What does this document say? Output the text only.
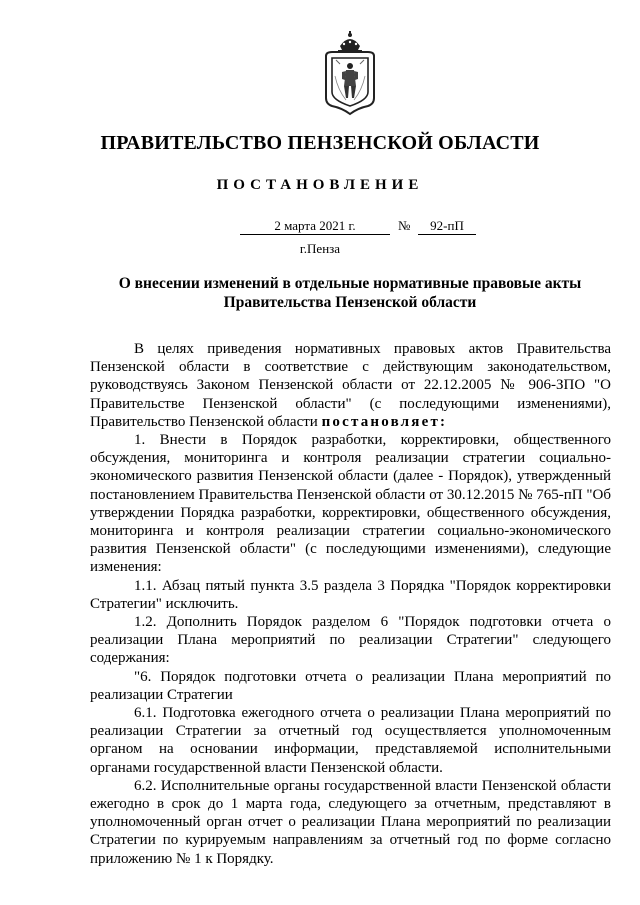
ПРАВИТЕЛЬСТВО ПЕНЗЕНСКОЙ ОБЛАСТИ
ПОСТАНОВЛЕНИЕ
2 марта 2021 г.	№	92-пП
г.Пенза
О внесении изменений в отдельные нормативные правовые акты
Правительства Пензенской области

В целях приведения нормативных правовых актов Правительства Пензенской области в соответствие с действующим законодательством, руководствуясь Законом Пензенской области от 22.12.2005 № 906-ЗПО "О Правительстве Пензенской области" (с последующими изменениями), Правительство Пензенской области постановляет:

1. Внести в Порядок разработки, корректировки, общественного обсуждения, мониторинга и контроля реализации стратегии социально-экономического развития Пензенской области (далее - Порядок), утвержденный постановлением Правительства Пензенской области от 30.12.2015 № 765-пП "Об утверждении Порядка разработки, корректировки, общественного обсуждения, мониторинга и контроля реализации стратегии социально-экономического развития Пензенской области" (с последующими изменениями), следующие изменения:

1.1. Абзац пятый пункта 3.5 раздела 3 Порядка "Порядок корректировки Стратегии" исключить.

1.2. Дополнить Порядок разделом 6 "Порядок подготовки отчета о реализации Плана мероприятий по реализации Стратегии" следующего содержания:

"6. Порядок подготовки отчета о реализации Плана мероприятий по реализации Стратегии

6.1. Подготовка ежегодного отчета о реализации Плана мероприятий по реализации Стратегии за отчетный год осуществляется уполномоченным органом на основании информации, представляемой исполнительными органами государственной власти Пензенской области.

6.2. Исполнительные органы государственной власти Пензенской области ежегодно в срок до 1 марта года, следующего за отчетным, представляют в уполномоченный орган отчет о реализации Плана мероприятий по реализации Стратегии по курируемым направлениям за отчетный год по форме согласно приложению № 1 к Порядку.
